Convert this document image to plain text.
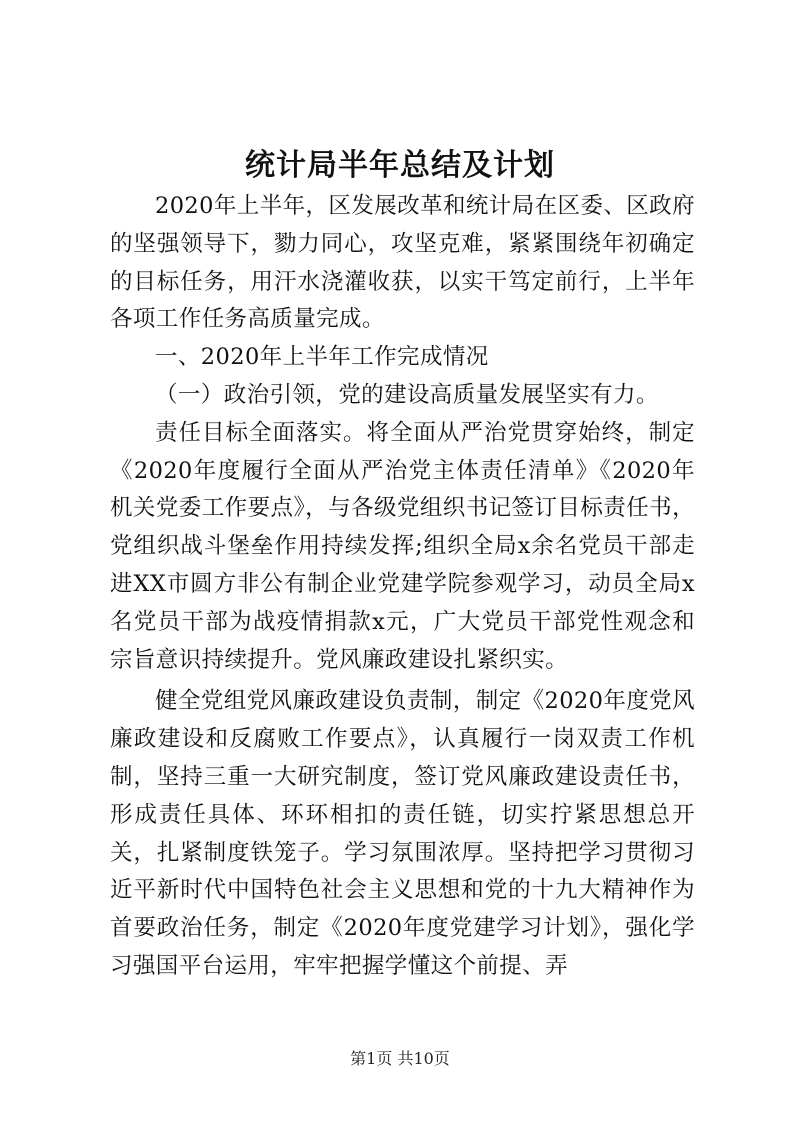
统计局半年总结及计划

2020年上半年，区发展改革和统计局在区委、区政府的坚强领导下，勠力同心，攻坚克难，紧紧围绕年初确定的目标任务，用汗水浇灌收获，以实干笃定前行，上半年各项工作任务高质量完成。

一、2020年上半年工作完成情况

（一）政治引领，党的建设高质量发展坚实有力。

责任目标全面落实。将全面从严治党贯穿始终，制定《2020年度履行全面从严治党主体责任清单》《2020年机关党委工作要点》，与各级党组织书记签订目标责任书，党组织战斗堡垒作用持续发挥;组织全局x余名党员干部走进XX市圆方非公有制企业党建学院参观学习，动员全局x名党员干部为战疫情捐款x元，广大党员干部党性观念和宗旨意识持续提升。党风廉政建设扎紧织实。

健全党组党风廉政建设负责制，制定《2020年度党风廉政建设和反腐败工作要点》，认真履行一岗双责工作机制，坚持三重一大研究制度，签订党风廉政建设责任书，形成责任具体、环环相扣的责任链，切实拧紧思想总开关，扎紧制度铁笼子。学习氛围浓厚。坚持把学习贯彻习近平新时代中国特色社会主义思想和党的十九大精神作为首要政治任务，制定《2020年度党建学习计划》，强化学习强国平台运用，牢牢把握学懂这个前提、弄

第1页 共10页
